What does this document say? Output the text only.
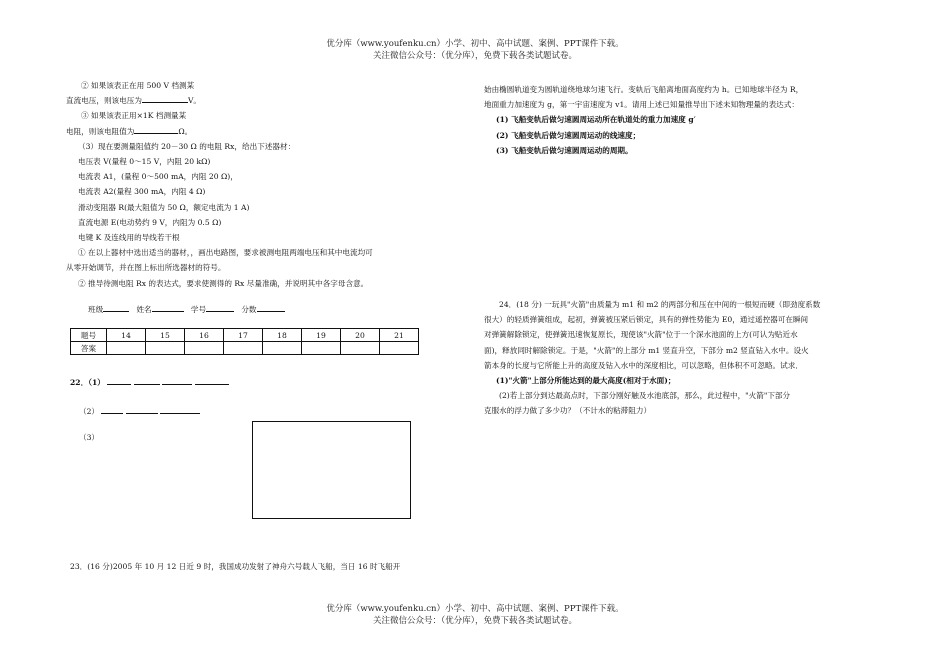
优分库（www.youfenku.cn）小学、初中、高中试题、案例、PPT课件下载。
关注微信公众号：（优分库），免费下载各类试题试卷。

② 如果该表正在用 500 V 档测某

直流电压，则该电压为	V。

③ 如果该表正用×1K 档测量某

电阻，则该电阻值为	Ω。

（3）现在要测量阻值约 20－30 Ω 的电阻 Rx，给出下述器材：

电压表 V(量程 0～15 V，内阻 20 kΩ)

电流表 A1，(量程 0～500 mA，内阻 20 Ω)，

电流表 A2(量程 300 mA，内阻 4 Ω)

滑动变阻器 R(最大阻值为 50 Ω，额定电流为 1 A)

直流电源 E(电动势约 9 V，内阻为 0.5 Ω)

电键 K 及连线用的导线若干根

① 在以上器材中选出适当的器材，，画出电路图，要求被测电阻两端电压和其中电流均可

从零开始调节，并在图上标出所选器材的符号。

② 推导待测电阻 Rx 的表达式，要求使测得的 Rx 尽量准确，并说明其中各字母含意。

班级	姓名	学号	分数
题号	14	15	16	17	18	19	20	21
答案								
22．（1）
（2）
（3）
23．(16 分)2005 年 10 月 12 日近 9 时，我国成功发射了神舟六号载人飞船，当日 16 时飞船开

始由椭圆轨道变为圆轨道绕地球匀速飞行。变轨后飞船离地面高度约为 h。已知地球半径为 R，

地面重力加速度为 g，第一宇宙速度为 v1。请用上述已知量推导出下述未知物理量的表达式：

(1) 飞船变轨后做匀速圆周运动所在轨道处的重力加速度 g′

(2) 飞船变轨后做匀速圆周运动的线速度；

(3) 飞船变轨后做匀速圆周运动的周期。

24．(18 分) 一玩具"火箭"由质量为 m1 和 m2 的两部分和压在中间的一根短而硬（即劲度系数

很大）的轻质弹簧组成，起初，弹簧被压紧后锁定，具有的弹性势能为 E0，通过遥控器可在瞬间

对弹簧解除锁定，使弹簧迅速恢复原长，现使该"火箭"位于一个深水池面的上方(可认为贴近水

面)，释放同时解除锁定。于是，"火箭"的上部分 m1 竖直升空，下部分 m2 竖直钻入水中。设火

箭本身的长度与它所能上升的高度及钻入水中的深度相比，可以忽略，但体积不可忽略。试求．

(1)"火箭"上部分所能达到的最大高度(相对于水面)；

(2)若上部分到达最高点时，下部分刚好触及水池底部，那么，此过程中，"火箭"下部分

克服水的浮力做了多少功？（不计水的粘滞阻力）

优分库（www.youfenku.cn）小学、初中、高中试题、案例、PPT课件下载。
关注微信公众号：（优分库），免费下载各类试题试卷。
